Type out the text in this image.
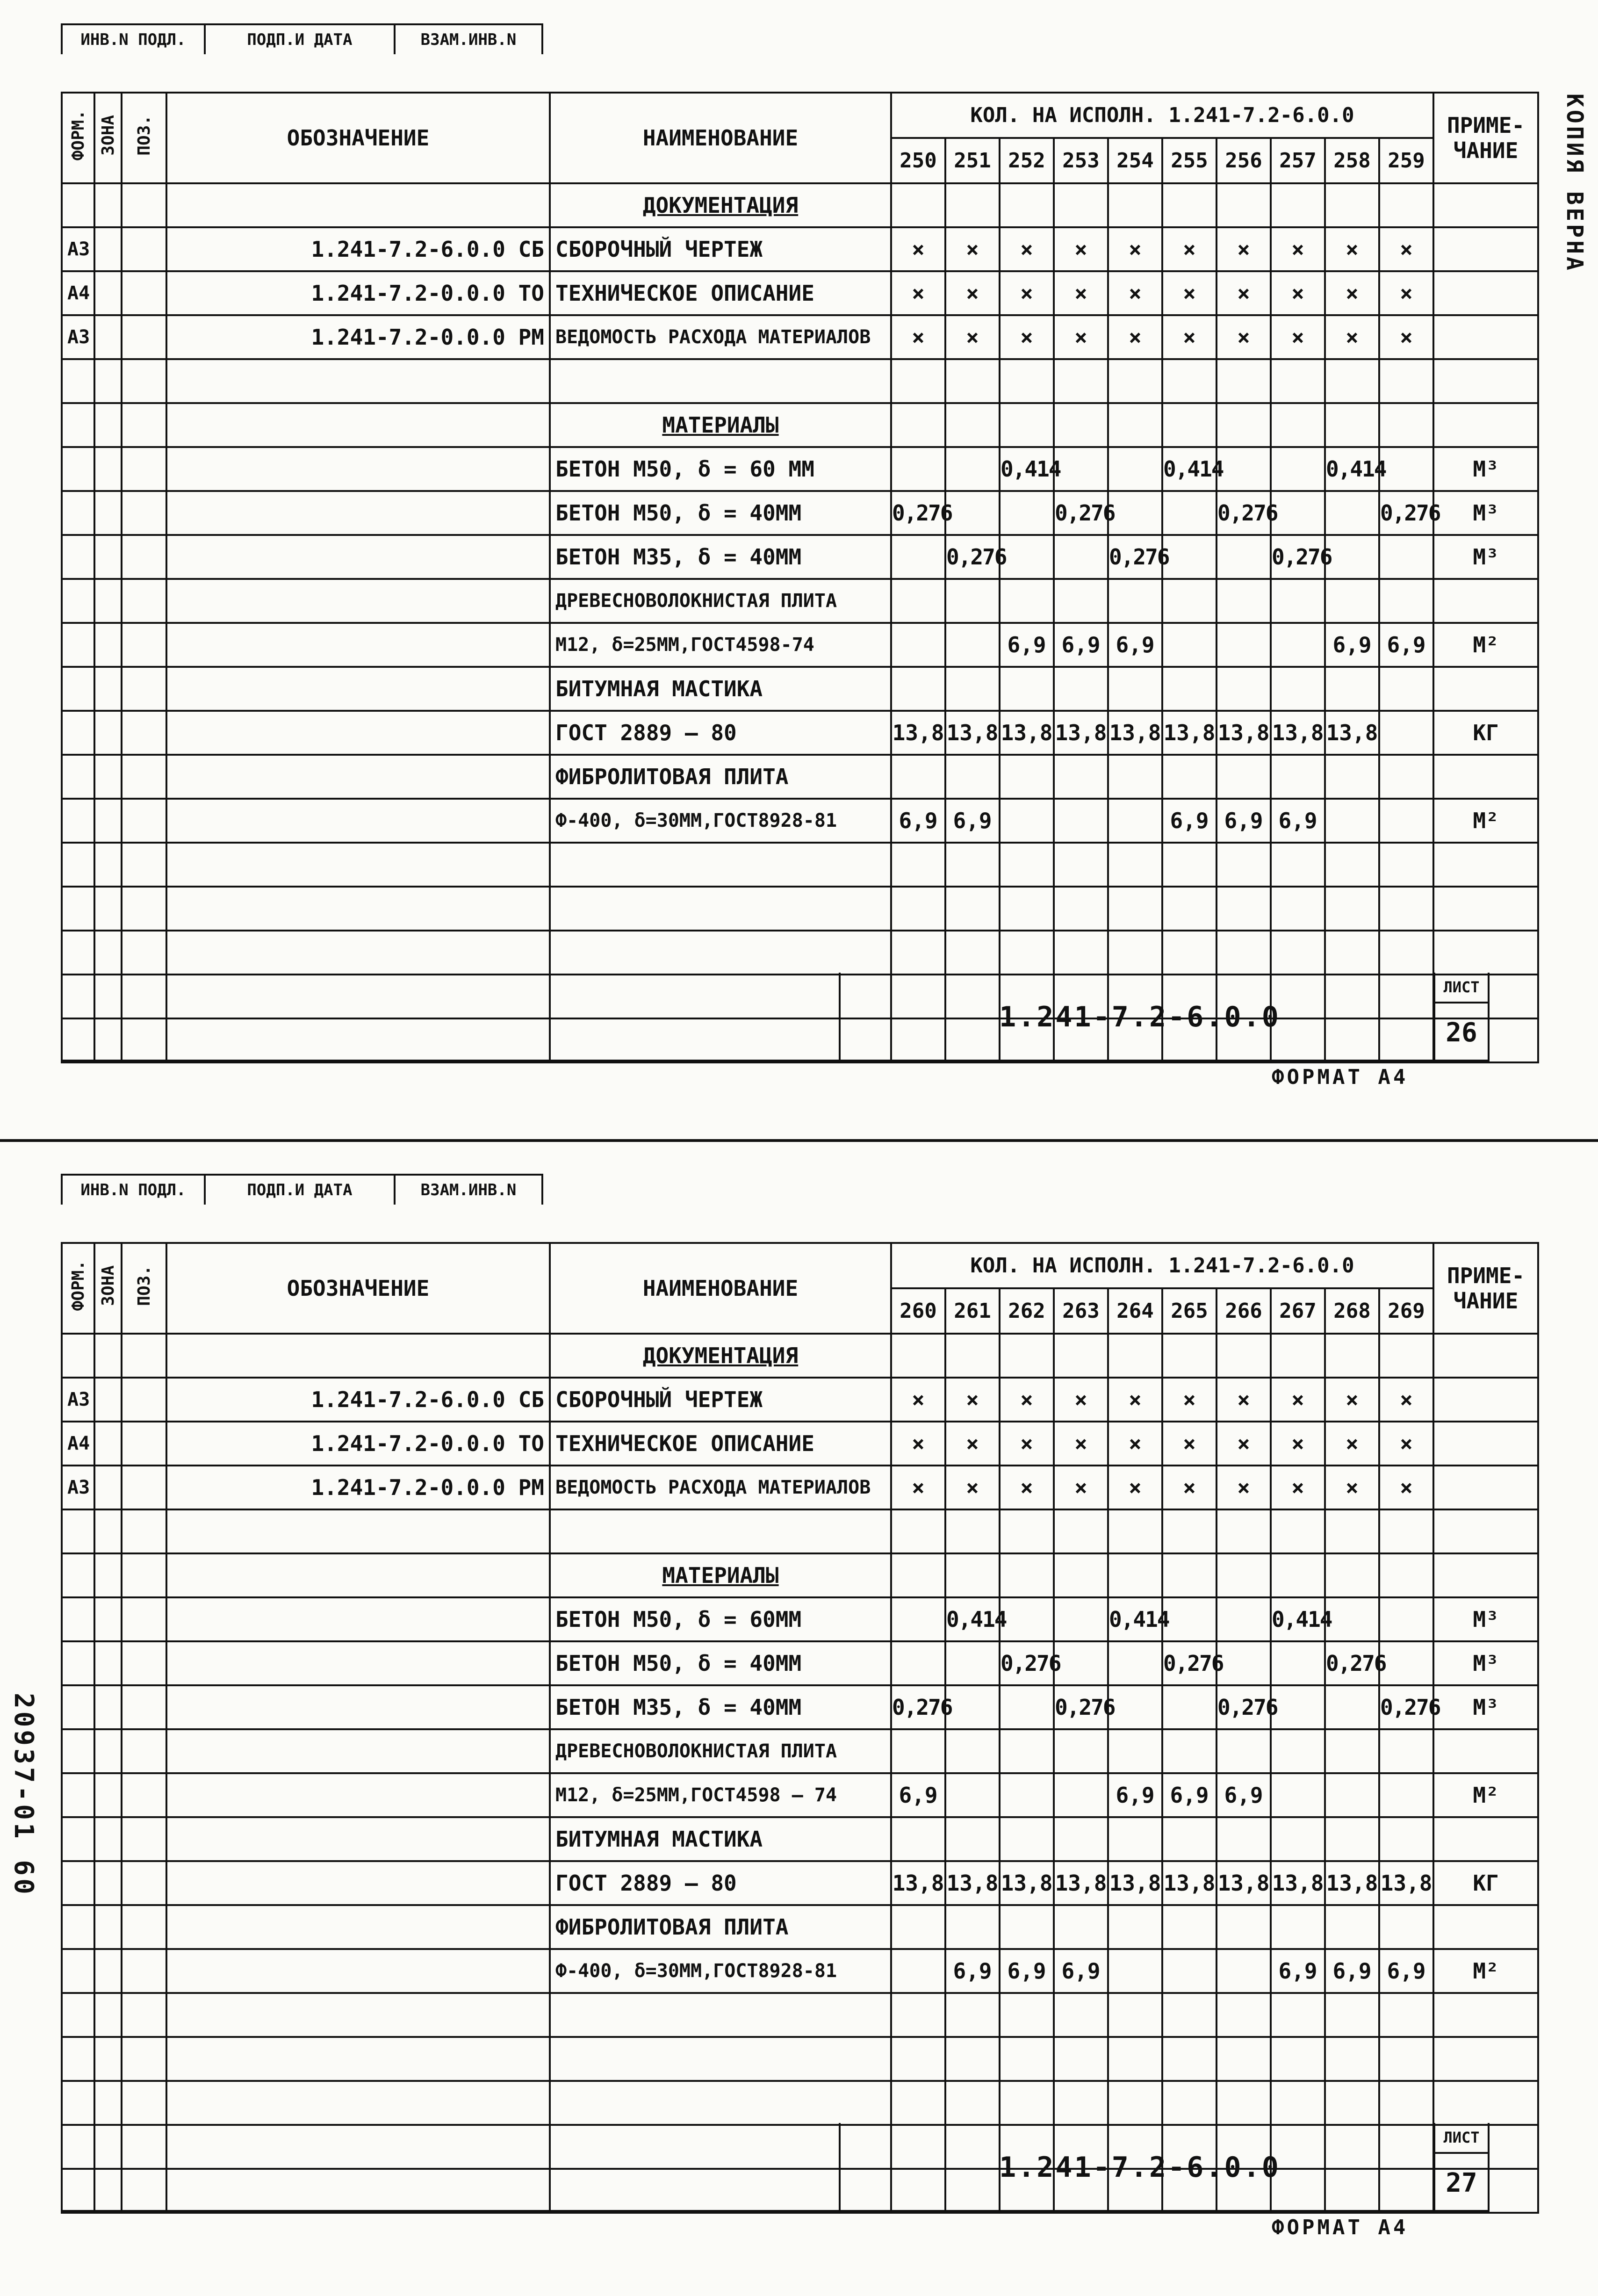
ИНВ.N ПОДЛ.	ПОДП.И ДАТА	ВЗАМ.ИНВ.N
ФОРМ.	ЗОНА	ПОЗ.	ОБОЗНАЧЕНИЕ	НАИМЕНОВАНИЕ	КОЛ. НА ИСПОЛН. 1.241-7.2-6.0.0										ПРИМЕ-
ЧАНИЕ

					250	251	252	253	254	255	256	257	258	259	
				ДОКУМЕНТАЦИЯ											
А3			1.241-7.2-6.0.0 СБ	СБОРОЧНЫЙ ЧЕРТЕЖ	×	×	×	×	×	×	×	×	×	×	
А4			1.241-7.2-0.0.0 ТО	ТЕХНИЧЕСКОЕ ОПИСАНИЕ	×	×	×	×	×	×	×	×	×	×	
А3			1.241-7.2-0.0.0 РМ	ВЕДОМОСТЬ РАСХОДА МАТЕРИАЛОВ	×	×	×	×	×	×	×	×	×	×	

				МАТЕРИАЛЫ											
				БЕТОН М50, δ = 60 ММ			0,414			0,414			0,414		М³
				БЕТОН М50, δ = 40ММ	0,276			0,276			0,276			0,276	М³
				БЕТОН М35, δ = 40ММ		0,276			0,276			0,276			М³
				ДРЕВЕСНОВОЛОКНИСТАЯ ПЛИТА											
				М12, δ=25ММ,ГОСТ4598-74			6,9	6,9	6,9				6,9	6,9	М²
				БИТУМНАЯ МАСТИКА											
				ГОСТ 2889 – 80	13,8	13,8	13,8	13,8	13,8	13,8	13,8	13,8	13,8		КГ
				ФИБРОЛИТОВАЯ ПЛИТА											
				Ф-400, δ=30ММ,ГОСТ8928-81	6,9	6,9				6,9	6,9	6,9			М²

1.241-7.2-6.0.0
ЛИСТ
26
ФОРМАТ А4
ИНВ.N ПОДЛ.	ПОДП.И ДАТА	ВЗАМ.ИНВ.N
ФОРМ.	ЗОНА	ПОЗ.	ОБОЗНАЧЕНИЕ	НАИМЕНОВАНИЕ	КОЛ. НА ИСПОЛН. 1.241-7.2-6.0.0										ПРИМЕ-
ЧАНИЕ

					260	261	262	263	264	265	266	267	268	269	
				ДОКУМЕНТАЦИЯ											
А3			1.241-7.2-6.0.0 СБ	СБОРОЧНЫЙ ЧЕРТЕЖ	×	×	×	×	×	×	×	×	×	×	
А4			1.241-7.2-0.0.0 ТО	ТЕХНИЧЕСКОЕ ОПИСАНИЕ	×	×	×	×	×	×	×	×	×	×	
А3			1.241-7.2-0.0.0 РМ	ВЕДОМОСТЬ РАСХОДА МАТЕРИАЛОВ	×	×	×	×	×	×	×	×	×	×	

				МАТЕРИАЛЫ											
				БЕТОН М50, δ = 60ММ		0,414			0,414			0,414			М³
				БЕТОН М50, δ = 40ММ			0,276			0,276			0,276		М³
				БЕТОН М35, δ = 40ММ	0,276			0,276			0,276			0,276	М³
				ДРЕВЕСНОВОЛОКНИСТАЯ ПЛИТА											
				М12, δ=25ММ,ГОСТ4598 – 74	6,9				6,9	6,9	6,9				М²
				БИТУМНАЯ МАСТИКА											
				ГОСТ 2889 – 80	13,8	13,8	13,8	13,8	13,8	13,8	13,8	13,8	13,8	13,8	КГ
				ФИБРОЛИТОВАЯ ПЛИТА											
				Ф-400, δ=30ММ,ГОСТ8928-81		6,9	6,9	6,9				6,9	6,9	6,9	М²

1.241-7.2-6.0.0
ЛИСТ
27
ФОРМАТ А4
КОПИЯ ВЕРНА
20937-01 60
